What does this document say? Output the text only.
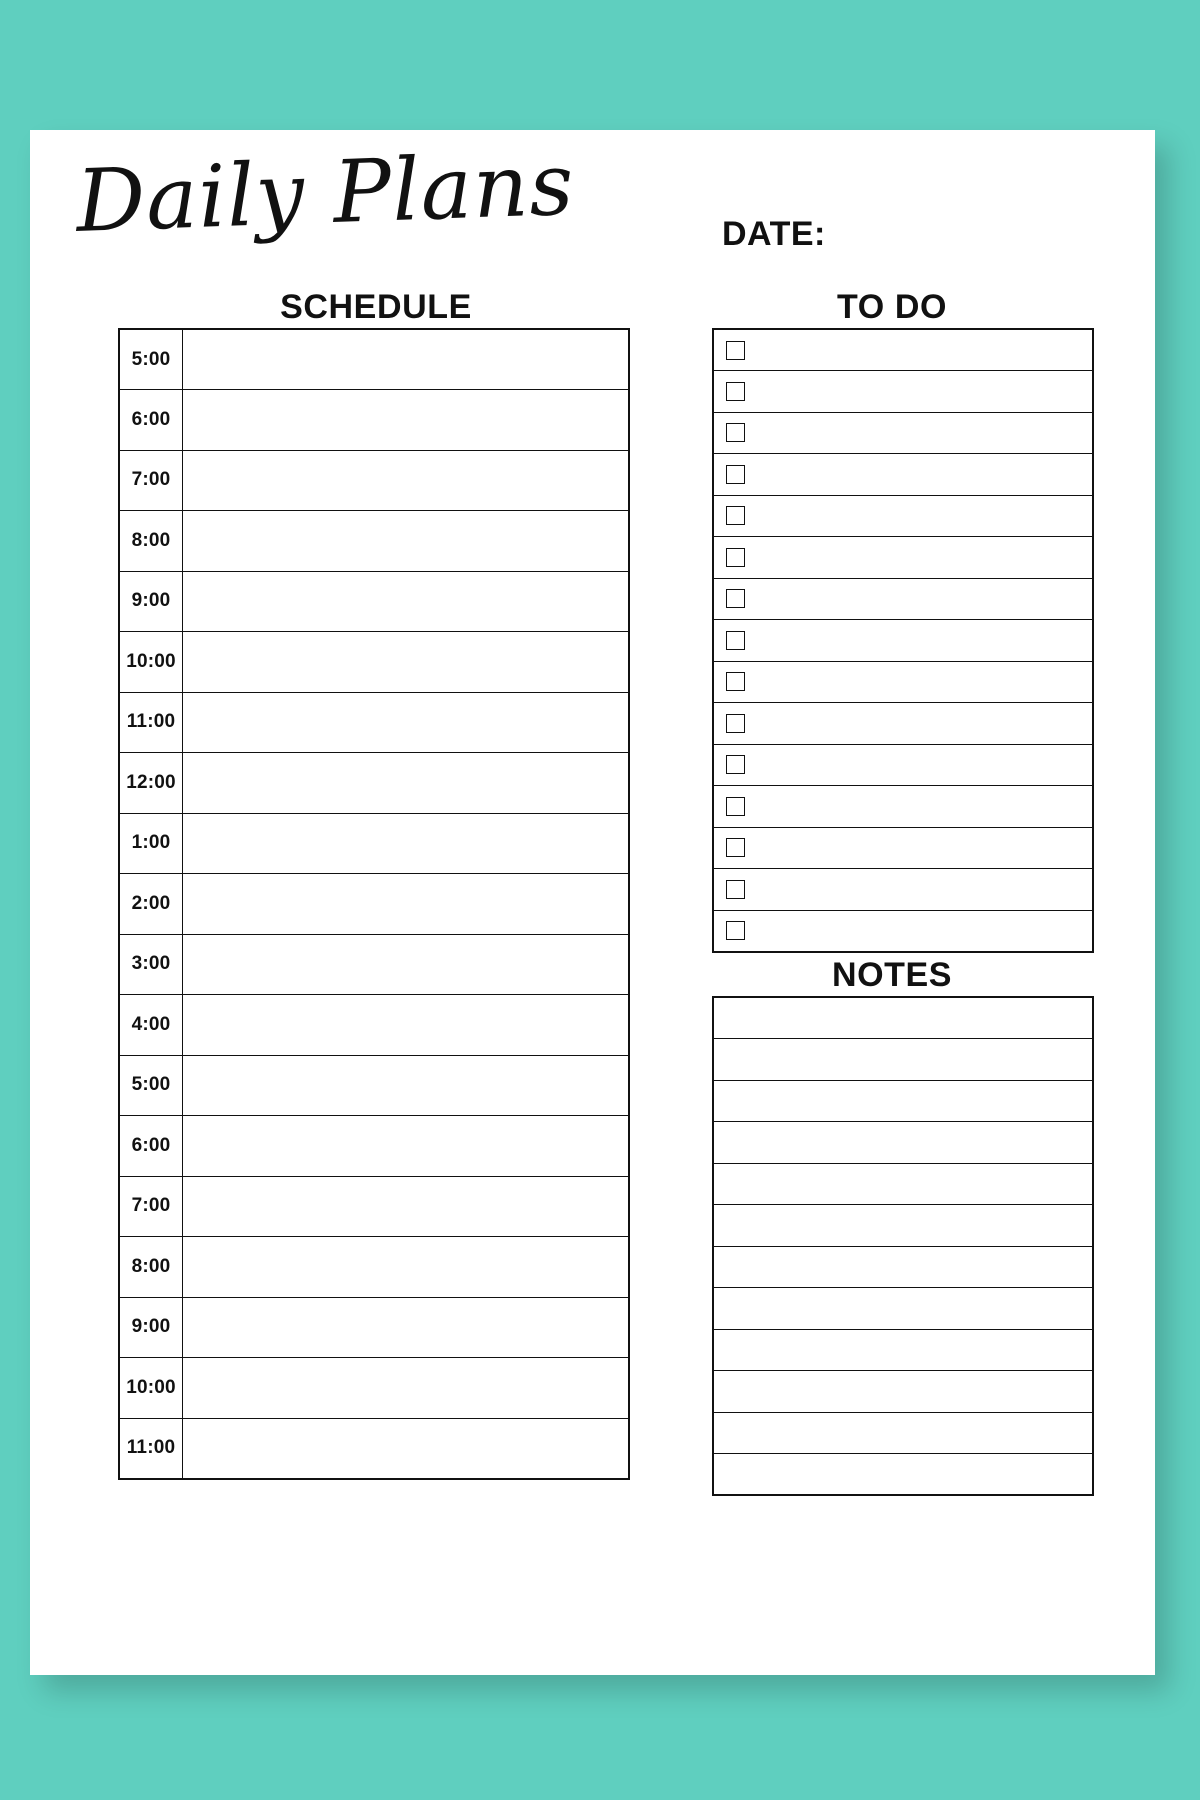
Daily Plans	DATE:
SCHEDULE
5:00	
6:00	
7:00	
8:00	
9:00	
10:00	
11:00	
12:00	
1:00	
2:00	
3:00	
4:00	
5:00	
6:00	
7:00	
8:00	
9:00	
10:00	
11:00	
TO DO

NOTES
